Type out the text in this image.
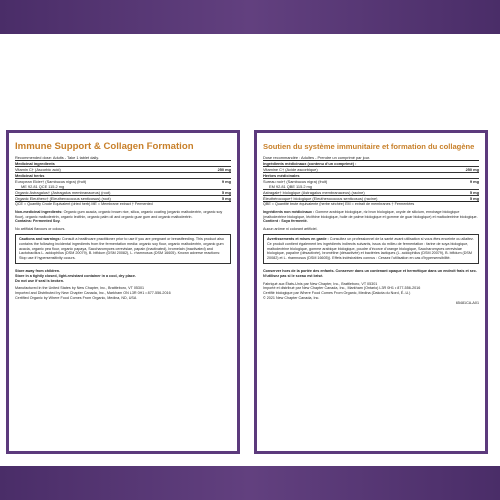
Immune Support & Collagen Formation
Recommended dose: Adults - Take 1 tablet daily.
Medicinal ingredients
Vitamin C† (Ascorbic acid)	250 mg
Medicinal herbs
European Elder† (Sambucus nigra) (fruit)	9 mg
ME 92.81 QCE 115.2 mg
Organic Astragalus† (Astragalus membranaceus) (root)	5 mg
Organic Eleuthero† (Eleutherococcus senticosus) (root)	5 mg
QCE = Quantity Crude Equivalent (dried herb) ME = Membrane extract † Fermented
Non-medicinal ingredients: Organic gum acacia, organic brown rice, silica, organic coating (organic maltodextrin, organic soy flour), organic maltodextrin, organic lecithin, organic palm oil and organic guar gum and organic maltodextrin.
Contains: Fermented Soy.
No artificial flavours or colours.
Cautions and warnings: Consult a healthcare practitioner prior to use if you are pregnant or breastfeeding. This product also contains the following incidental ingredients from the fermentation media: organic soy flour, organic maltodextrin, organic gum acacia, organic pea flour, organic papaya, Saccharomyces cerevisiae, papain (inactivated), bromelain (inactivated) and Lactobacillus L. acidophilus (DSM 20079), B. bifidum (DSM 20082), L. rhamnosus (DSM 16605). Known adverse reactions: Stop use if hypersensitivity occurs.
Store away from children.
Store in a tightly closed, light-resistant container in a cool, dry place.
Do not use if seal is broken.
Manufactured in the United States by New Chapter, Inc., Brattleboro, VT 05301
Imported and Distributed by New Chapter Canada, Inc., Markham ON L3R 0H1 • 877-556-2016
Certified Organic by Where Food Comes From Organic, Medina, ND, USA
Soutien du système immunitaire et formation du collagène
Dose recommandée : Adultes - Prendre un comprimé par jour.
Ingrédients médicinaux (contenu d'un comprimé) :
Vitamine C† (Acide ascorbique)	250 mg
Herbes médicinales
Sureau noir† (Sambucus nigra) (fruit)	9 mg
EM 92.81 QBE 115.2 mg
Astragale† biologique (Astragalus membranaceus) (racine)	5 mg
Éleuthérocoque† biologique (Eleutherococcus senticosus) (racine)	5 mg
QBE = Quantité brute équivalente (herbe séchée) EM = extrait de membranes † Fermentées
Ingrédients non médicinaux : Gomme arabique biologique, riz brun biologique, oxyde de silicium, enrobage biologique (maltodextrine biologique, lécithine biologique, huile de palme biologique et gomme de guar biologique) et maltodextrine biologique.
Contient : Soya fermenté.
Aucun arôme ni colorant artificiel.
Avertissements et mises en garde : Consultez un professionnel de la santé avant utilisation si vous êtes enceinte ou allaitez. Ce produit contient également les ingrédients indirects suivants, issus du milieu de fermentation : farine de soya biologique, maltodextrine biologique, gomme arabique biologique, poudre d'écorce d'orange biologique, Saccharomyces cerevisiae biologique, papaïne (désactivée), broméline (désactivée) et bactéries lactiques (L. acidophilus (DSM 20079), B. bifidum (DSM 20082) et L. rhamnosus (DSM 16605)). Effets indésirables connus : Cessez l'utilisation en cas d'hypersensibilité.
Conserver hors de la portée des enfants. Conserver dans un contenant opaque et hermétique dans un endroit frais et sec.
N'utilisez pas si le sceau est brisé.
Fabriqué aux États-Unis par New Chapter, Inc., Brattleboro, VT 05301
Importé et distribué par New Chapter Canada, Inc., Markham (Ontario) L3R 0H1 • 877-556-2016
Certifié biologique par Where Food Comes From Organic, Medina (Dakota du Nord, É.-U.)
© 2021 New Chapter Canada, Inc.
65481CA-A01
